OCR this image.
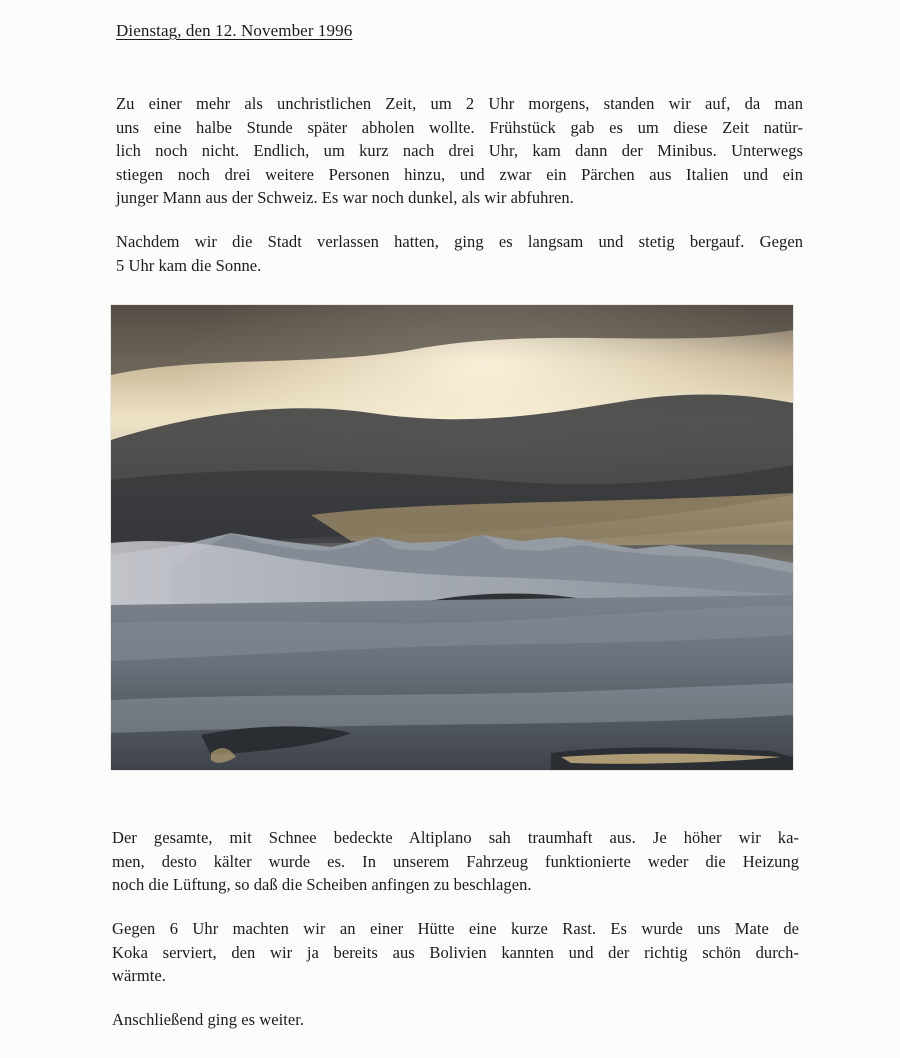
Dienstag, den 12. November 1996
Zu einer mehr als unchristlichen Zeit, um 2 Uhr morgens, standen wir auf, da man
uns eine halbe Stunde später abholen wollte. Frühstück gab es um diese Zeit natür-
lich noch nicht. Endlich, um kurz nach drei Uhr, kam dann der Minibus. Unterwegs
stiegen noch drei weitere Personen hinzu, und zwar ein Pärchen aus Italien und ein
junger Mann aus der Schweiz. Es war noch dunkel, als wir abfuhren.
Nachdem wir die Stadt verlassen hatten, ging es langsam und stetig bergauf. Gegen
5 Uhr kam die Sonne.
Der gesamte, mit Schnee bedeckte Altiplano sah traumhaft aus. Je höher wir ka-
men, desto kälter wurde es. In unserem Fahrzeug funktionierte weder die Heizung
noch die Lüftung, so daß die Scheiben anfingen zu beschlagen.
Gegen 6 Uhr machten wir an einer Hütte eine kurze Rast. Es wurde uns Mate de
Koka serviert, den wir ja bereits aus Bolivien kannten und der richtig schön durch-
wärmte.
Anschließend ging es weiter.
